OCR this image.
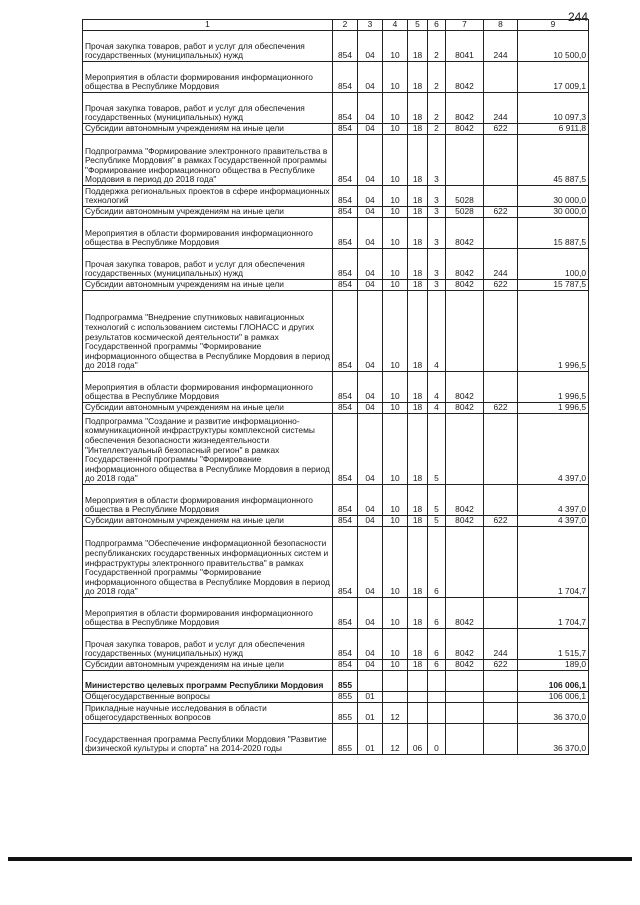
244
1	2	3	4	5	6	7	8	9
Прочая закупка товаров, работ и услуг для обеспечения государственных (муниципальных) нужд	854	04	10	18	2	8041	244	10 500,0
Мероприятия в области формирования информационного общества в Республике Мордовия	854	04	10	18	2	8042		17 009,1
Прочая закупка товаров, работ и услуг для обеспечения государственных (муниципальных) нужд	854	04	10	18	2	8042	244	10 097,3
Субсидии автономным учреждениям на иные цели	854	04	10	18	2	8042	622	6 911,8
Подпрограмма "Формирование электронного правительства в Республике Мордовия" в рамках Государственной программы "Формирование информационного общества в Республике Мордовия в период до 2018 года"	854	04	10	18	3			45 887,5
Поддержка региональных проектов в сфере информационных технологий	854	04	10	18	3	5028		30 000,0
Субсидии автономным учреждениям на иные цели	854	04	10	18	3	5028	622	30 000,0
Мероприятия в области формирования информационного общества в Республике Мордовия	854	04	10	18	3	8042		15 887,5
Прочая закупка товаров, работ и услуг для обеспечения государственных (муниципальных) нужд	854	04	10	18	3	8042	244	100,0
Субсидии автономным учреждениям на иные цели	854	04	10	18	3	8042	622	15 787,5
Подпрограмма "Внедрение спутниковых навигационных технологий с использованием системы ГЛОНАСС и других результатов космической деятельности" в рамках Государственной программы "Формирование информационного общества в Республике Мордовия в период до 2018 года"	854	04	10	18	4			1 996,5
Мероприятия в области формирования информационного общества в Республике Мордовия	854	04	10	18	4	8042		1 996,5
Субсидии автономным учреждениям на иные цели	854	04	10	18	4	8042	622	1 996,5
Подпрограмма "Создание и развитие информационно-коммуникационной инфраструктуры комплексной системы обеспечения безопасности жизнедеятельности "Интеллектуальный безопасный регион" в рамках Государственной программы "Формирование информационного общества в Республике Мордовия в период до 2018 года"	854	04	10	18	5			4 397,0
Мероприятия в области формирования информационного общества в Республике Мордовия	854	04	10	18	5	8042		4 397,0
Субсидии автономным учреждениям на иные цели	854	04	10	18	5	8042	622	4 397,0
Подпрограмма "Обеспечение информационной безопасности республиканских государственных информационных систем и инфраструктуры электронного правительства" в рамках Государственной программы "Формирование информационного общества в Республике Мордовия в период до 2018 года"	854	04	10	18	6			1 704,7
Мероприятия в области формирования информационного общества в Республике Мордовия	854	04	10	18	6	8042		1 704,7
Прочая закупка товаров, работ и услуг для обеспечения государственных (муниципальных) нужд	854	04	10	18	6	8042	244	1 515,7
Субсидии автономным учреждениям на иные цели	854	04	10	18	6	8042	622	189,0
Министерство целевых программ Республики Мордовия	855							106 006,1
Общегосударственные вопросы	855	01						106 006,1
Прикладные научные исследования в области общегосударственных вопросов	855	01	12					36 370,0
Государственная программа Республики Мордовия "Развитие физической культуры и спорта" на 2014-2020 годы	855	01	12	06	0			36 370,0
